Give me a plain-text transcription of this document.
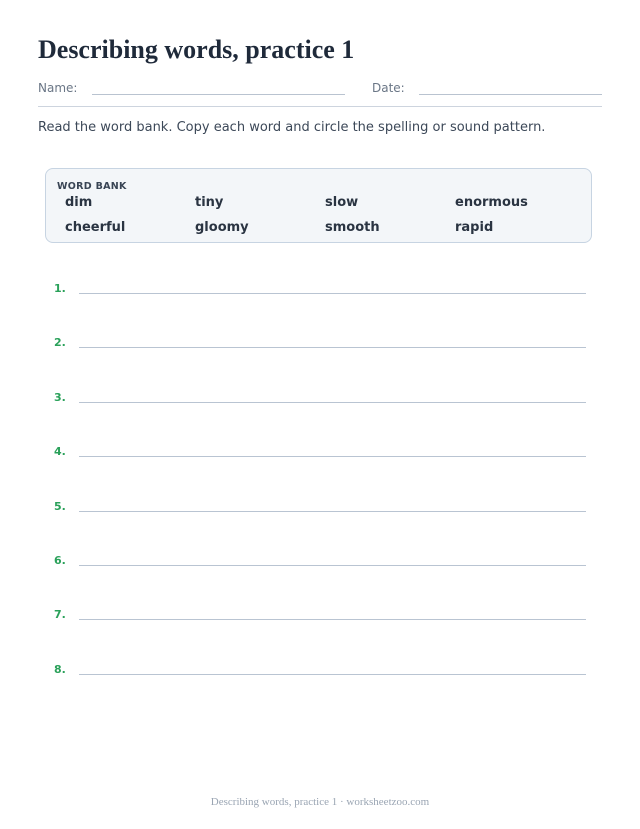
Describing words, practice 1
Name:	Date:
Read the word bank. Copy each word and circle the spelling or sound pattern.
WORD BANK
dim	tiny	slow	enormous
cheerful	gloomy	smooth	rapid
1.
2.
3.
4.
5.
6.
7.
8.
Describing words, practice 1 · worksheetzoo.com
